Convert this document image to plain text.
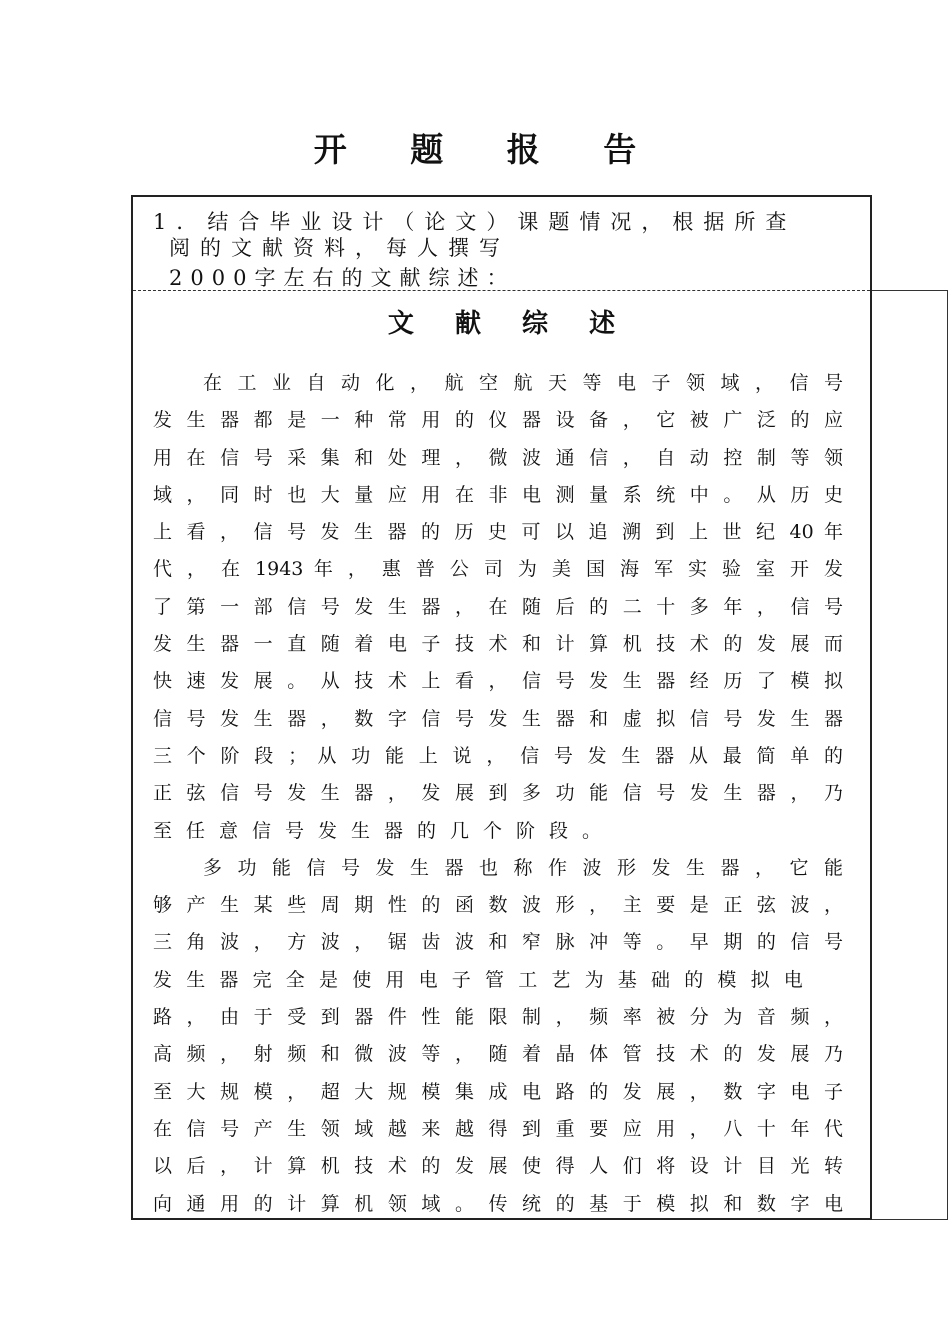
开 题 报 告
1．结合毕业设计（论文）课题情况，根据所查
阅的文献资料，每人撰写
2000字左右的文献综述：
文 献 综 述
在 工 业 自 动 化 ， 航 空 航 天 等 电 子 领 域 ， 信 号
发 生 器 都 是 一 种 常 用 的 仪 器 设 备 ， 它 被 广 泛 的 应
用 在 信 号 采 集 和 处 理 ， 微 波 通 信 ， 自 动 控 制 等 领
域 ， 同 时 也 大 量 应 用 在 非 电 测 量 系 统 中 。 从 历 史
上 看 ， 信 号 发 生 器 的 历 史 可 以 追 溯 到 上 世 纪 40 年
代 ， 在 1943 年 ， 惠 普 公 司 为 美 国 海 军 实 验 室 开 发
了 第 一 部 信 号 发 生 器 ， 在 随 后 的 二 十 多 年 ， 信 号
发 生 器 一 直 随 着 电 子 技 术 和 计 算 机 技 术 的 发 展 而
快 速 发 展 。 从 技 术 上 看 ， 信 号 发 生 器 经 历 了 模 拟
信 号 发 生 器 ， 数 字 信 号 发 生 器 和 虚 拟 信 号 发 生 器
三 个 阶 段 ； 从 功 能 上 说 ， 信 号 发 生 器 从 最 简 单 的
正 弦 信 号 发 生 器 ， 发 展 到 多 功 能 信 号 发 生 器 ， 乃
至任意信号发生器的几个阶段。
多 功 能 信 号 发 生 器 也 称 作 波 形 发 生 器 ， 它 能
够 产 生 某 些 周 期 性 的 函 数 波 形 ， 主 要 是 正 弦 波 ，
三 角 波 ， 方 波 ， 锯 齿 波 和 窄 脉 冲 等 。 早 期 的 信 号
发生器完全是使用电子管工艺为基础的模拟电
路 ， 由 于 受 到 器 件 性 能 限 制 ， 频 率 被 分 为 音 频 ，
高 频 ， 射 频 和 微 波 等 ， 随 着 晶 体 管 技 术 的 发 展 乃
至 大 规 模 ， 超 大 规 模 集 成 电 路 的 发 展 ， 数 字 电 子
在 信 号 产 生 领 域 越 来 越 得 到 重 要 应 用 ， 八 十 年 代
以 后 ， 计 算 机 技 术 的 发 展 使 得 人 们 将 设 计 目 光 转
向 通 用 的 计 算 机 领 域 。 传 统 的 基 于 模 拟 和 数 字 电
